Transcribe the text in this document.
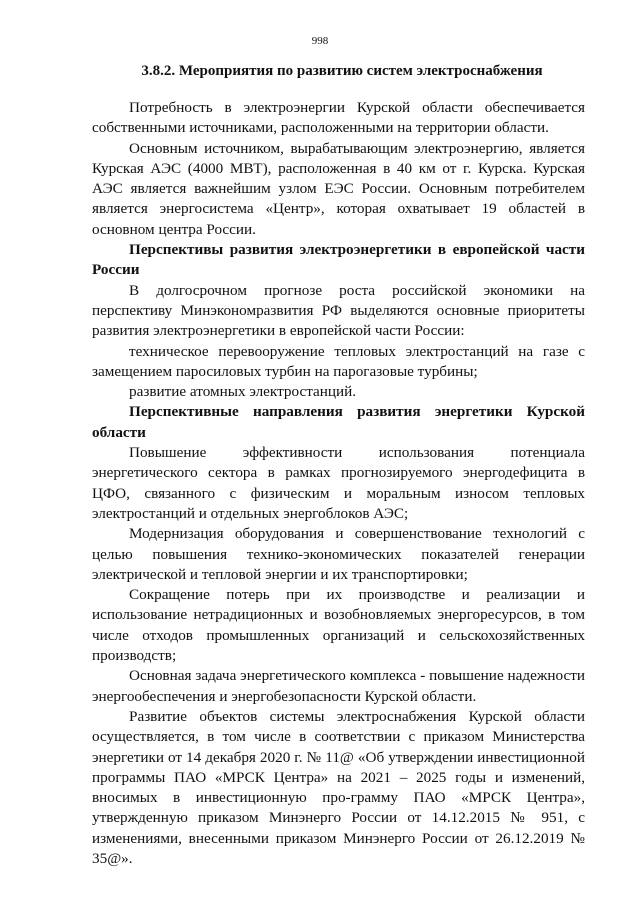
998
3.8.2. Мероприятия по развитию систем электроснабжения

Потребность в электроэнергии Курской области обеспечивается собственными источниками, расположенными на территории области.

Основным источником, вырабатывающим электроэнергию, является Курская АЭС (4000 МВТ), расположенная в 40 км от г. Курска. Курская АЭС является важнейшим узлом ЕЭС России. Основным потребителем является энергосистема «Центр», которая охватывает 19 областей в основном центра России.

Перспективы развития электроэнергетики в европейской части России

В долгосрочном прогнозе роста российской экономики на перспективу Минэкономразвития РФ выделяются основные приоритеты развития электроэнергетики в европейской части России:

техническое перевооружение тепловых электростанций на газе с замещением паросиловых турбин на парогазовые турбины;

развитие атомных электростанций.

Перспективные направления развития энергетики Курской области

Повышение эффективности использования потенциала энергетического сектора в рамках прогнозируемого энергодефицита в ЦФО, связанного с физическим и моральным износом тепловых электростанций и отдельных энергоблоков АЭС;

Модернизация оборудования и совершенствование технологий с целью повышения технико-экономических показателей генерации электрической и тепловой энергии и их транспортировки;

Сокращение потерь при их производстве и реализации и использование нетрадиционных и возобновляемых энергоресурсов, в том числе отходов промышленных организаций и сельскохозяйственных производств;

Основная задача энергетического комплекса - повышение надежности энергообеспечения и энергобезопасности Курской области.

Развитие объектов системы электроснабжения Курской области осуществляется, в том числе в соответствии с приказом Министерства энергетики от 14 декабря 2020 г. № 11@ «Об утверждении инвестиционной программы ПАО «МРСК Центра» на 2021 – 2025 годы и изменений, вносимых в инвестиционную про-грамму ПАО «МРСК Центра», утвержденную приказом Минэнерго России от 14.12.2015 № 951, с изменениями, внесенными приказом Минэнерго России от 26.12.2019 № 35@».
